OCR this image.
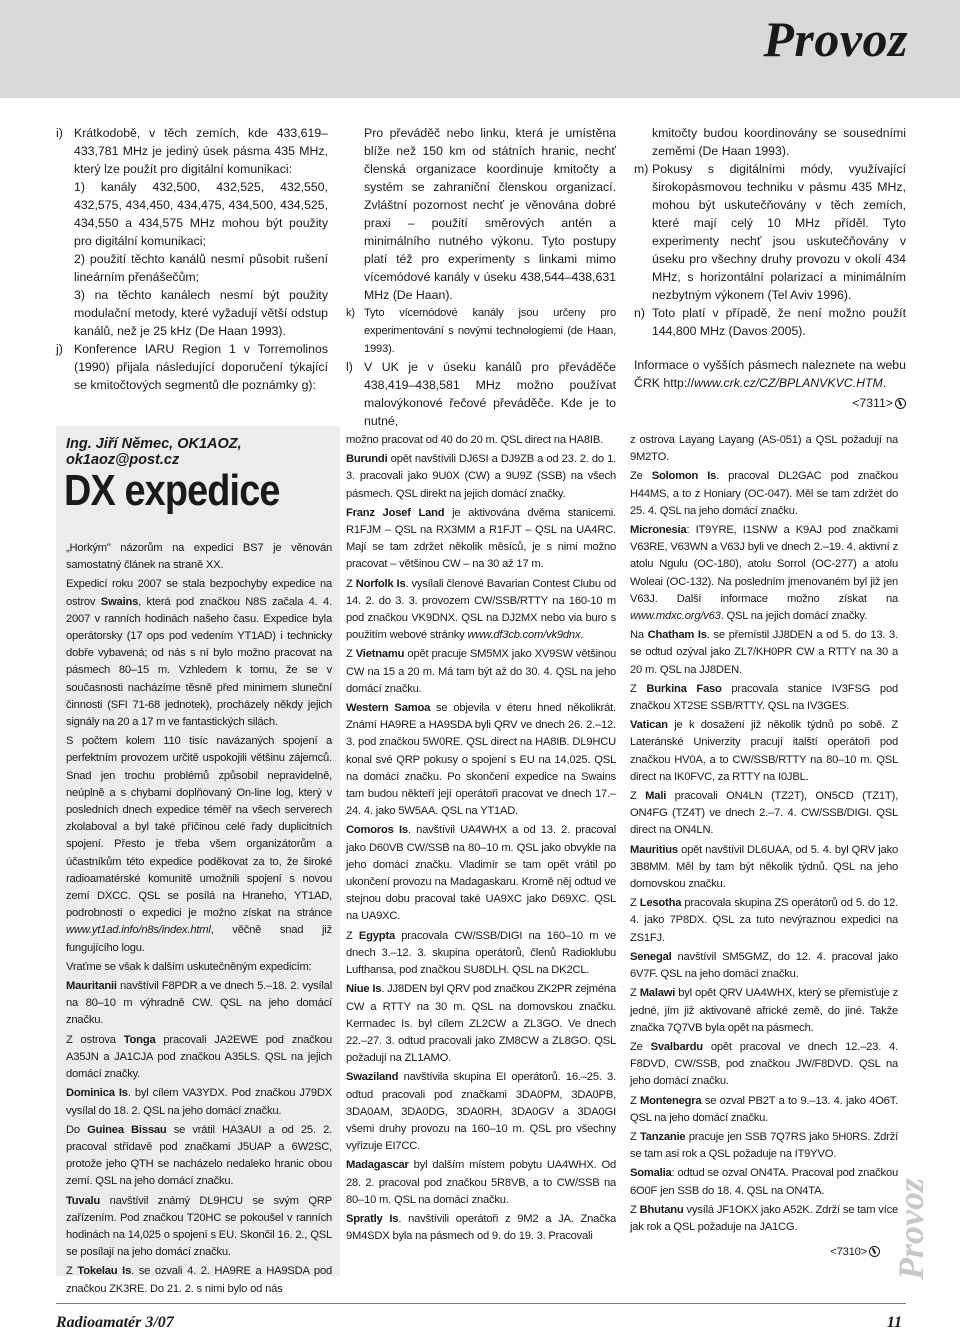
Provoz
i) Krátkodobě, v těch zemích, kde 433,619–433,781 MHz je jediný úsek pásma 435 MHz, který lze použít pro digitální komunikaci:
1) kanály 432,500, 432,525, 432,550, 432,575, 434,450, 434,475, 434,500, 434,525, 434,550 a 434,575 MHz mohou být použity pro digitální komunikaci;
2) použití těchto kanálů nesmí působit rušení lineárním přenášečům;
3) na těchto kanálech nesmí být použity modulační metody, které vyžadují větší odstup kanálů, než je 25 kHz (De Haan 1993).
j) Konference IARU Region 1 v Torremolinos (1990) přijala následující doporučení týkající se kmitočtových segmentů dle poznámky g):
Pro převáděč nebo linku, která je umístěna blíže než 150 km od státních hranic, nechť členská organizace koordinuje kmitočty a systém se zahraniční členskou organizací. Zvláštní pozornost nechť je věnována dobré praxi – použití směrových antén a minimálního nutného výkonu. Tyto postupy platí též pro experimenty s linkami mimo vícemódové kanály v úseku 438,544–438,631 MHz (De Haan).
k) Tyto vícemódové kanály jsou určeny pro experimentování s novými technologiemi (de Haan, 1993).
l) V UK je v úseku kanálů pro převáděče 438,419–438,581 MHz možno používat malovýkonové řečové převáděče. Kde je to nutné,
kmitočty budou koordinovány se sousedními zeměmi (De Haan 1993).
m) Pokusy s digitálními módy, využívající širokopásmovou techniku v pásmu 435 MHz, mohou být uskutečňovány v těch zemích, které mají celý 10 MHz příděl. Tyto experimenty nechť jsou uskutečňovány v úseku pro všechny druhy provozu v okolí 434 MHz, s horizontální polarizací a minimálním nezbytným výkonem (Tel Aviv 1996).
n) Toto platí v případě, že není možno použít 144,800 MHz (Davos 2005).

Informace o vyšších pásmech naleznete na webu ČRK http://www.crk.cz/CZ/BPLANVKVC.HTM.

<7311>

Ing. Jiří Němec, OK1AOZ, ok1aoz@post.cz
DX expedice

„Horkým" názorům na expedici BS7 je věnován samostatný článek na straně XX.

Expedicí roku 2007 se stala bezpochyby expedice na ostrov Swains, která pod značkou N8S začala 4. 4. 2007 v ranních hodinách našeho času. Expedice byla operátorsky (17 ops pod vedením YT1AD) i technicky dobře vybavená; od nás s ní bylo možno pracovat na pásmech 80–15 m. Vzhledem k tomu, že se v současnosti nacházíme těsně před minimem sluneční činnosti (SFI 71-68 jednotek), procházely někdy jejich signály na 20 a 17 m ve fantastických silách.

S počtem kolem 110 tisíc navázaných spojení a perfektním provozem určitě uspokojili většinu zájemců. Snad jen trochu problémů způsobil nepravidelně, neúplně a s chybami doplňovaný On-line log, který v posledních dnech expedice téměř na všech serverech zkolaboval a byl také příčinou celé řady duplicitních spojení. Přesto je třeba všem organizátorům a účastníkům této expedice poděkovat za to, že široké radioamatérské komunitě umožnili spojení s novou zemí DXCC. QSL se posílá na Hraneho, YT1AD, podrobnosti o expedici je možno získat na stránce www.yt1ad.info/n8s/index.html, věčně snad již fungujícího logu.

Vraťme se však k dalším uskutečněným expedicím:

Mauritanii navštívil F8PDR a ve dnech 5.–18. 2. vysílal na 80–10 m výhradně CW. QSL na jeho domácí značku.

Z ostrova Tonga pracovali JA2EWE pod značkou A35JN a JA1CJA pod značkou A35LS. QSL na jejich domácí značky.

Dominica Is. byl cílem VA3YDX. Pod značkou J79DX vysílal do 18. 2. QSL na jeho domácí značku.

Do Guinea Bissau se vrátil HA3AUI a od 25. 2. pracoval střídavě pod značkami J5UAP a 6W2SC, protože jeho QTH se nacházelo nedaleko hranic obou zemí. QSL na jeho domácí značku.

Tuvalu navštívil známý DL9HCU se svým QRP zařízením. Pod značkou T20HC se pokoušel v ranních hodinách na 14,025 o spojení s EU. Skončil 16. 2., QSL se posílají na jeho domácí značku.

Z Tokelau Is. se ozvali 4. 2. HA9RE a HA9SDA pod značkou ZK3RE. Do 21. 2. s nimi bylo od nás

možno pracovat od 40 do 20 m. QSL direct na HA8IB.

Burundi opět navštívili DJ6SI a DJ9ZB a od 23. 2. do 1. 3. pracovali jako 9U0X (CW) a 9U9Z (SSB) na všech pásmech. QSL direkt na jejich domácí značky.

Franz Josef Land je aktivována dvěma stanicemi. R1FJM – QSL na RX3MM a R1FJT – QSL na UA4RC. Mají se tam zdržet několik měsíců, je s nimi možno pracovat – většinou CW – na 30 až 17 m.

Z Norfolk Is. vysílali členové Bavarian Contest Clubu od 14. 2. do 3. 3. provozem CW/SSB/RTTY na 160-10 m pod značkou VK9DNX. QSL na DJ2MX nebo via buro s použitím webové stránky www.df3cb.com/vk9dnx.

Z Vietnamu opět pracuje SM5MX jako XV9SW většinou CW na 15 a 20 m. Má tam být až do 30. 4. QSL na jeho domácí značku.

Western Samoa se objevila v éteru hned několikrát. Známí HA9RE a HA9SDA byli QRV ve dnech 26. 2.–12. 3. pod značkou 5W0RE. QSL direct na HA8IB. DL9HCU konal své QRP pokusy o spojení s EU na 14,025. QSL na domácí značku. Po skončení expedice na Swains tam budou někteří její operátoři pracovat ve dnech 17.–24. 4. jako 5W5AA. QSL na YT1AD.

Comoros Is. navštívil UA4WHX a od 13. 2. pracoval jako D60VB CW/SSB na 80–10 m. QSL jako obvykle na jeho domácí značku. Vladimír se tam opět vrátil po ukončení provozu na Madagaskaru. Kromě něj odtud ve stejnou dobu pracoval také UA9XC jako D69XC. QSL na UA9XC.

Z Egypta pracovala CW/SSB/DIGI na 160–10 m ve dnech 3.–12. 3. skupina operátorů, členů Radioklubu Lufthansa, pod značkou SU8DLH. QSL na DK2CL.

Niue Is. JJ8DEN byl QRV pod značkou ZK2PR zejména CW a RTTY na 30 m. QSL na domovskou značku. Kermadec Is. byl cílem ZL2CW a ZL3GO. Ve dnech 22.–27. 3. odtud pracovali jako ZM8CW a ZL8GO. QSL požadují na ZL1AMO.

Swaziland navštívila skupina EI operátorů. 16.–25. 3. odtud pracovali pod značkami 3DA0PM, 3DA0PB, 3DA0AM, 3DA0DG, 3DA0RH, 3DA0GV a 3DA0GI všemi druhy provozu na 160–10 m. QSL pro všechny vyřizuje EI7CC.

Madagascar byl dalším místem pobytu UA4WHX. Od 28. 2. pracoval pod značkou 5R8VB, a to CW/SSB na 80–10 m. QSL na domácí značku.

Spratly Is. navštívili operátoři z 9M2 a JA. Značka 9M4SDX byla na pásmech od 9. do 19. 3. Pracovali

z ostrova Layang Layang (AS-051) a QSL požadují na 9M2TO.

Ze Solomon Is. pracoval DL2GAC pod značkou H44MS, a to z Honiary (OC-047). Měl se tam zdržet do 25. 4. QSL na jeho domácí značku.

Micronesia: IT9YRE, I1SNW a K9AJ pod značkami V63RE, V63WN a V63J byli ve dnech 2.–19. 4. aktivní z atolu Ngulu (OC-180), atolu Sorrol (OC-277) a atolu Woleai (OC-132). Na posledním jmenovaném byl již jen V63J. Další informace možno získat na www.mdxc.org/v63. QSL na jejich domácí značky.

Na Chatham Is. se přemístil JJ8DEN a od 5. do 13. 3. se odtud ozýval jako ZL7/KH0PR CW a RTTY na 30 a 20 m. QSL na JJ8DEN.

Z Burkina Faso pracovala stanice IV3FSG pod značkou XT2SE SSB/RTTY. QSL na IV3GES.

Vatican je k dosažení již několik týdnů po sobě. Z Lateránské Univerzity pracují italští operátoři pod značkou HV0A, a to CW/SSB/RTTY na 80–10 m. QSL direct na IK0FVC, za RTTY na I0JBL.

Z Mali pracovali ON4LN (TZ2T), ON5CD (TZ1T), ON4FG (TZ4T) ve dnech 2.–7. 4. CW/SSB/DIGI. QSL direct na ON4LN.

Mauritius opět navštívil DL6UAA, od 5. 4. byl QRV jako 3B8MM. Měl by tam být několik týdnů. QSL na jeho domovskou značku.

Z Lesotha pracovala skupina ZS operátorů od 5. do 12. 4. jako 7P8DX. QSL za tuto nevýraznou expedici na ZS1FJ.

Senegal navštívil SM5GMZ, do 12. 4. pracoval jako 6V7F. QSL na jeho domácí značku.

Z Malawi byl opět QRV UA4WHX, který se přemisťuje z jedné, jím již aktivované africké země, do jiné. Takže značka 7Q7VB byla opět na pásmech.

Ze Svalbardu opět pracoval ve dnech 12.–23. 4. F8DVD, CW/SSB, pod značkou JW/F8DVD. QSL na jeho domácí značku.

Z Montenegra se ozval PB2T a to 9.–13. 4. jako 4O6T. QSL na jeho domácí značku.

Z Tanzanie pracuje jen SSB 7Q7RS jako 5H0RS. Zdrží se tam asi rok a QSL požaduje na IT9YVO.

Somalia: odtud se ozval ON4TA. Pracoval pod značkou 6O0F jen SSB do 18. 4. QSL na ON4TA.

Z Bhutanu vysílá JF1OKX jako A52K. Zdrží se tam více jak rok a QSL požaduje na JA1CG.

<7310> Provoz
Radioamatér 3/07	11
